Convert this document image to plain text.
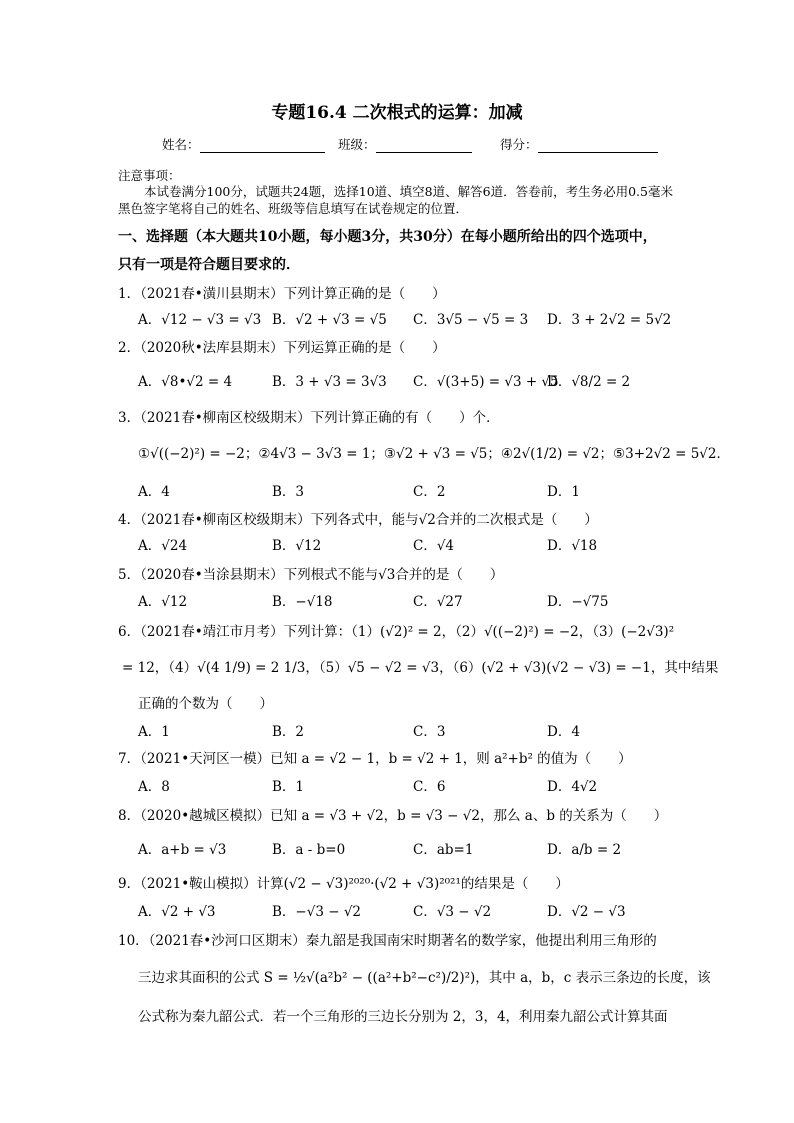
专题16.4 二次根式的运算：加减
姓名：	班级：	得分：
注意事项：
本试卷满分100分，试题共24题，选择10道、填空8道、解答6道．答卷前，考生务必用0.5毫米黑色签字笔将自己的姓名、班级等信息填写在试卷规定的位置．
一、选择题（本大题共10小题，每小题3分，共30分）在每小题所给出的四个选项中，
只有一项是符合题目要求的．
1．（2021春•潢川县期末）下列计算正确的是（　　）
A．√12 − √3 = √3 B．√2 + √3 = √5 C．3√5 − √5 = 3 D．3 + 2√2 = 5√2
2．（2020秋•法库县期末）下列运算正确的是（　　）
A．√8•√2 = 4	B．3 + √3 = 3√3 C．√(3+5) = √3 + √5
D．√8/2 = 2
3．（2021春•柳南区校级期末）下列计算正确的有（　　）个．
①√((−2)²) = −2；②4√3 − 3√3 = 1；③√2 + √3 = √5；④2√(1/2) = √2；⑤3+2√2 = 5√2．
A．4	B．3	C．2	D．1
4．（2021春•柳南区校级期末）下列各式中，能与√2合并的二次根式是（　　）
A．√24	B．√12	C．√4	D．√18
5．（2020春•当涂县期末）下列根式不能与√3合并的是（　　）
A．√12	B．−√18	C．√27	D．−√75
6．（2021春•靖江市月考）下列计算：（1）(√2)² = 2，（2）√((−2)²) = −2，（3）(−2√3)²
= 12，（4）√(4 1/9) = 2 1/3，（5）√5 − √2 = √3，（6）(√2 + √3)(√2 − √3) = −1，其中结果
正确的个数为（　　）
A．1	B．2	C．3	D．4
7．（2021•天河区一模）已知 a = √2 − 1，b = √2 + 1，则 a²+b² 的值为（　　）
A．8	B．1	C．6	D．4√2
8．（2020•越城区模拟）已知 a = √3 + √2，b = √3 − √2，那么 a、b 的关系为（　　）
A．a+b = √3	B．a - b=0	C．ab=1	D．a/b = 2
9．（2021•鞍山模拟）计算(√2 − √3)²⁰²⁰·(√2 + √3)²⁰²¹的结果是（　　）
A．√2 + √3	B．−√3 − √2	C．√3 − √2	D．√2 − √3
10．（2021春•沙河口区期末）秦九韶是我国南宋时期著名的数学家，他提出利用三角形的
三边求其面积的公式 S = ½√(a²b² − ((a²+b²−c²)/2)²)，其中 a，b，c 表示三条边的长度，该
公式称为秦九韶公式．若一个三角形的三边长分别为 2，3，4，利用秦九韶公式计算其面
